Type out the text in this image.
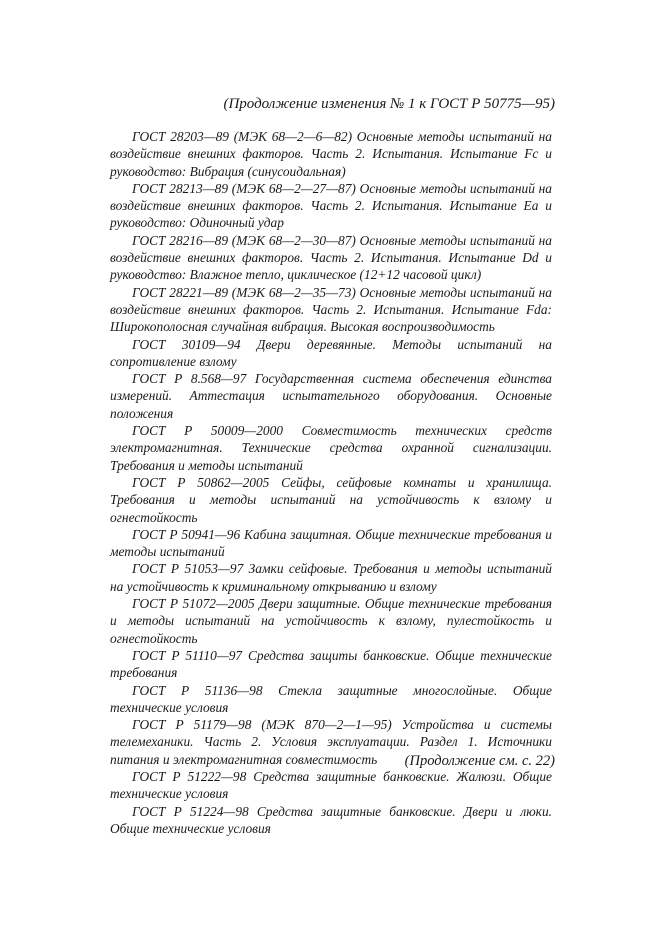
(Продолжение изменения № 1 к ГОСТ Р 50775—95)

ГОСТ 28203—89 (МЭК 68—2—6—82) Основные методы испытаний на воздействие внешних факторов. Часть 2. Испытания. Испытание Fc и руководство: Вибрация (синусоидальная)

ГОСТ 28213—89 (МЭК 68—2—27—87) Основные методы испытаний на воздействие внешних факторов. Часть 2. Испытания. Испытание Ea и руководство: Одиночный удар

ГОСТ 28216—89 (МЭК 68—2—30—87) Основные методы испытаний на воздействие внешних факторов. Часть 2. Испытания. Испытание Dd и руководство: Влажное тепло, циклическое (12+12 часовой цикл)

ГОСТ 28221—89 (МЭК 68—2—35—73) Основные методы испытаний на воздействие внешних факторов. Часть 2. Испытания. Испытание Fda: Широкополосная случайная вибрация. Высокая воспроизводимость

ГОСТ 30109—94 Двери деревянные. Методы испытаний на сопротивление взлому

ГОСТ Р 8.568—97 Государственная система обеспечения единства измерений. Аттестация испытательного оборудования. Основные положения

ГОСТ Р 50009—2000 Совместимость технических средств электромагнитная. Технические средства охранной сигнализации. Требования и методы испытаний

ГОСТ Р 50862—2005 Сейфы, сейфовые комнаты и хранилища. Требования и методы испытаний на устойчивость к взлому и огнестойкость

ГОСТ Р 50941—96 Кабина защитная. Общие технические требования и методы испытаний

ГОСТ Р 51053—97 Замки сейфовые. Требования и методы испытаний на устойчивость к криминальному открыванию и взлому

ГОСТ Р 51072—2005 Двери защитные. Общие технические требования и методы испытаний на устойчивость к взлому, пулестойкость и огнестойкость

ГОСТ Р 51110—97 Средства защиты банковские. Общие технические требования

ГОСТ Р 51136—98 Стекла защитные многослойные. Общие технические условия

ГОСТ Р 51179—98 (МЭК 870—2—1—95) Устройства и системы телемеханики. Часть 2. Условия эксплуатации. Раздел 1. Источники питания и электромагнитная совместимость

ГОСТ Р 51222—98 Средства защитные банковские. Жалюзи. Общие технические условия

ГОСТ Р 51224—98 Средства защитные банковские. Двери и люки. Общие технические условия

(Продолжение см. с. 22)
